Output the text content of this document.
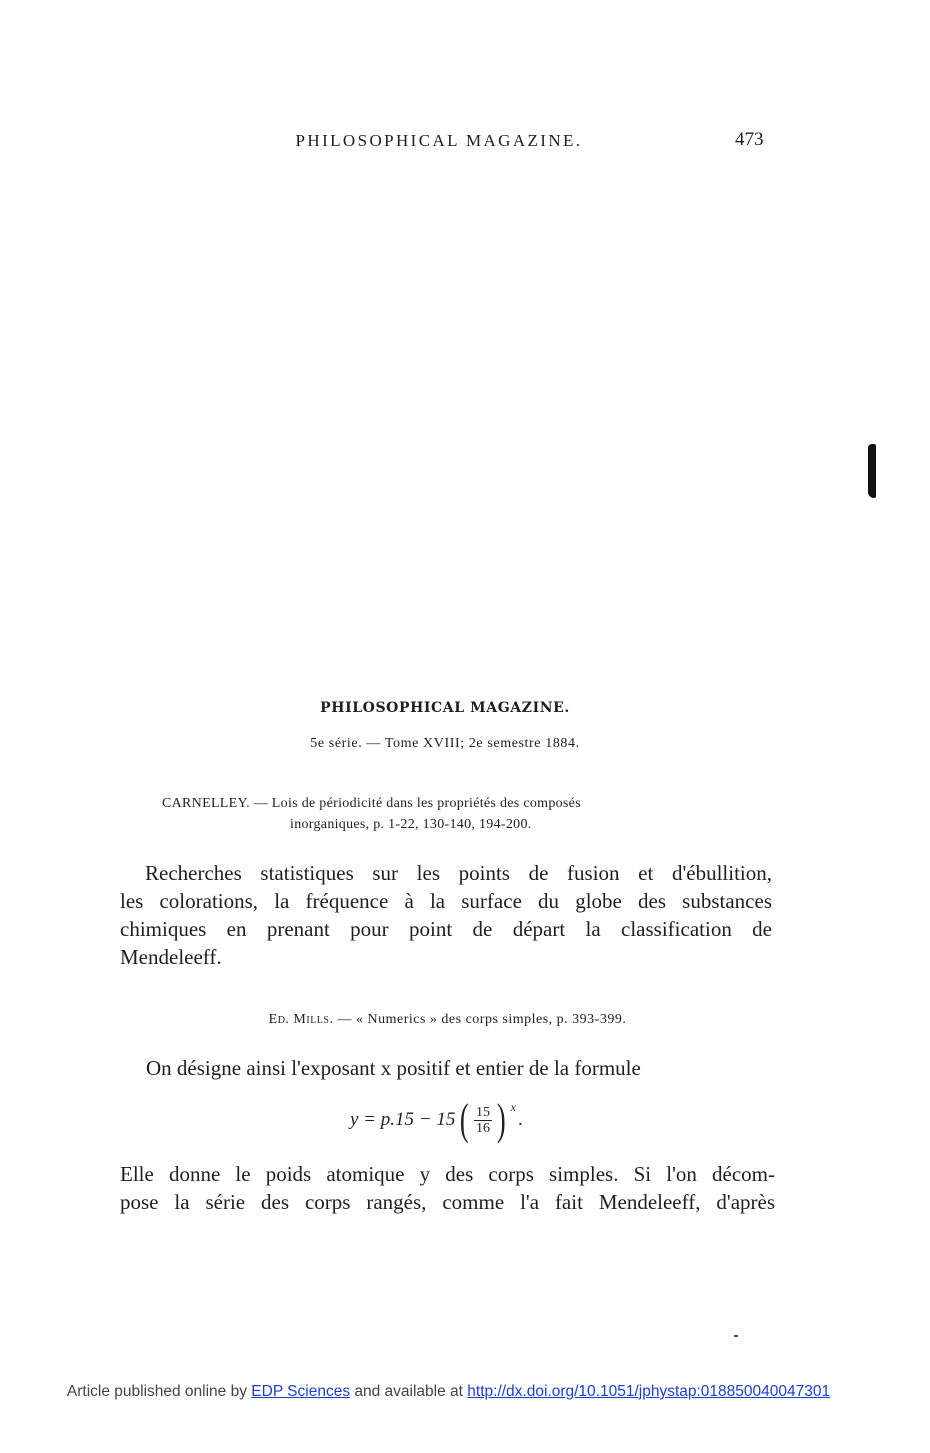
PHILOSOPHICAL MAGAZINE.	473
PHILOSOPHICAL MAGAZINE.
5e série. — Tome XVIII; 2e semestre 1884.
CARNELLEY. — Lois de périodicité dans les propriétés des composés
inorganiques, p. 1-22, 130-140, 194-200.
Recherches statistiques sur les points de fusion et d'ébullition,
les colorations, la fréquence à la surface du globe des substances
chimiques en prenant pour point de départ la classification de
Mendeleeff.
Ed. Mills. — « Numerics » des corps simples, p. 393-399.
On désigne ainsi l'exposant x positif et entier de la formule
y = p.15 − 15 ( $\frac{15}{16}$ ) x
.
Elle donne le poids atomique y des corps simples. Si l'on décom-
pose la série des corps rangés, comme l'a fait Mendeleeff, d'après
Article published online by EDP Sciences and available at http://dx.doi.org/10.1051/jphystap:018850040047301
